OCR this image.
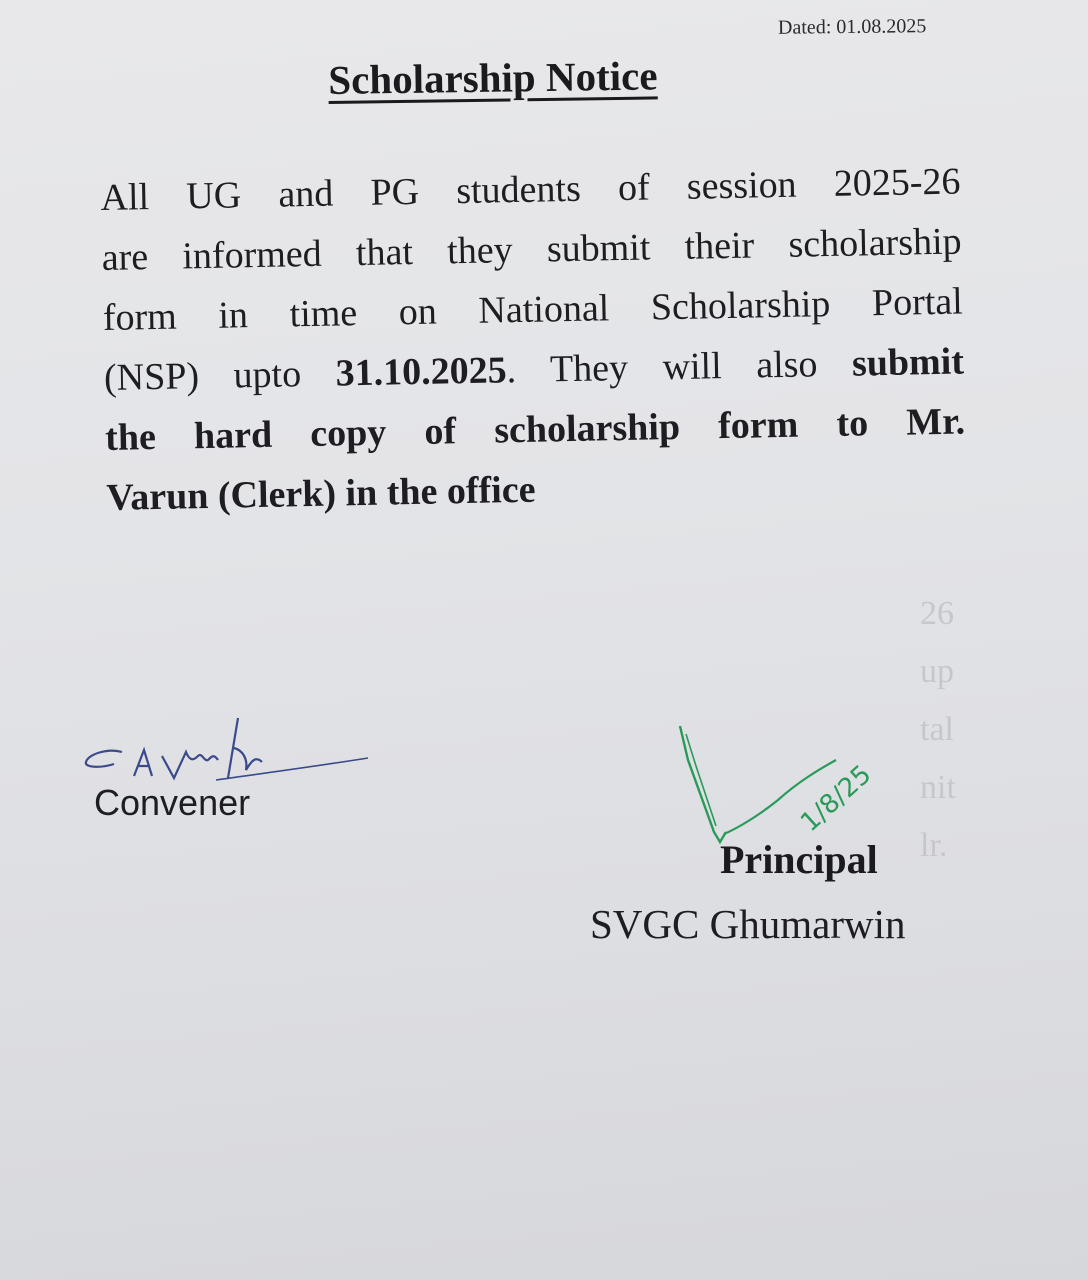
Dated: 01.08.2025
Scholarship Notice
All UG and PG students of session 2025-26
are informed that they submit their scholarship
form in time on National Scholarship Portal
(NSP) upto 31.10.2025. They will also submit
the hard copy of scholarship form to Mr.
Varun (Clerk) in the office
Convener	1/8/25
Principal
SVGC Ghumarwin
26
up
tal
nit
lr.
